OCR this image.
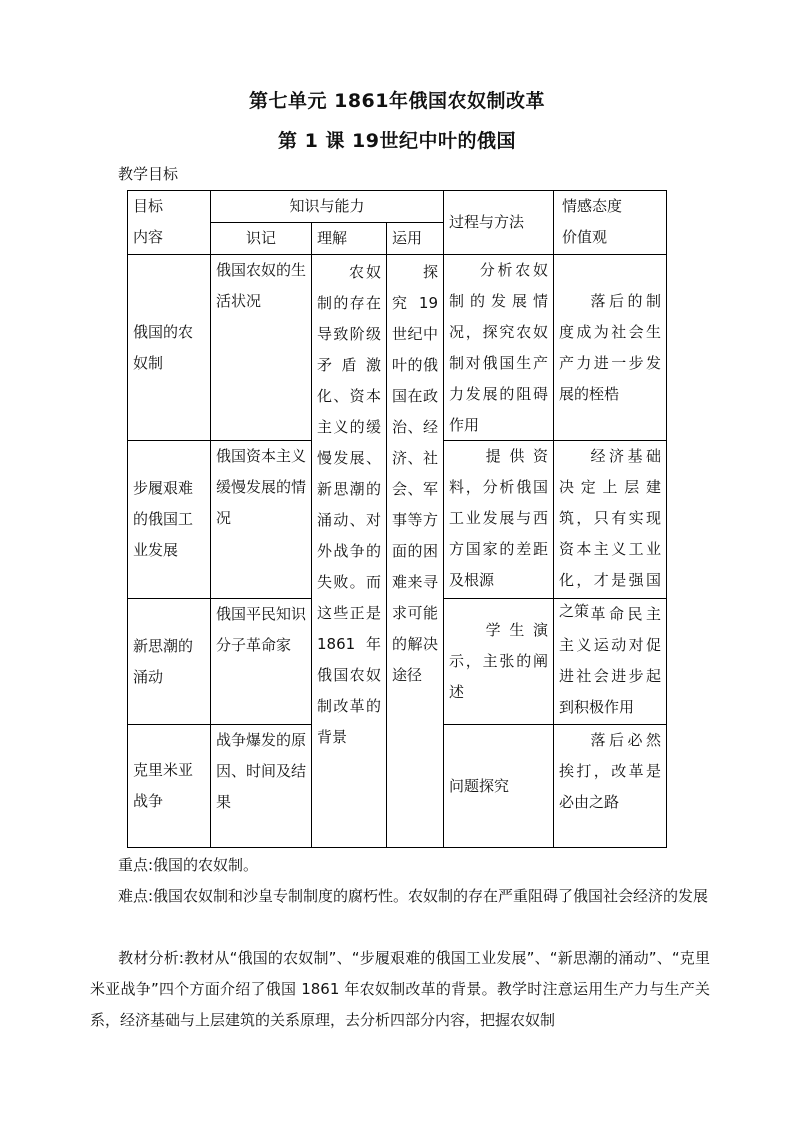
第七单元 1861年俄国农奴制改革
第 1 课 19世纪中叶的俄国
教学目标
目标
内容
知识与能力
过程与方法
情感态度
价值观
识记	理解	运用
农奴制的存在导致阶级矛盾激化、资本主义的缓慢发展、新思潮的涌动、对外战争的失败。而这些正是1861年俄国农奴制改革的背景
探究19世纪中叶的俄国在政治、经济、社会、军事等方面的困难来寻求可能的解决途径
俄国的农奴制
俄国农奴的生活状况
分析农奴制的发展情况，探究农奴制对俄国生产力发展的阻碍作用
落后的制度成为社会生产力进一步发展的桎梏
步履艰难的俄国工业发展
俄国资本主义缓慢发展的情况
提供资料，分析俄国工业发展与西方国家的差距及根源
经济基础决定上层建筑，只有实现资本主义工业化，才是强国之策
新思潮的涌动
俄国平民知识分子革命家
学生演示，主张的阐述
革命民主主义运动对促进社会进步起到积极作用
克里米亚战争
战争爆发的原因、时间及结果
问题探究
落后必然挨打，改革是必由之路
重点:俄国的农奴制。
难点:俄国农奴制和沙皇专制制度的腐朽性。农奴制的存在严重阻碍了俄国社会经济的发展
教材分析:教材从“俄国的农奴制”、“步履艰难的俄国工业发展”、“新思潮的涌动”、“克里米亚战争”四个方面介绍了俄国 1861 年农奴制改革的背景。教学时注意运用生产力与生产关系，经济基础与上层建筑的关系原理，去分析四部分内容，把握农奴制
